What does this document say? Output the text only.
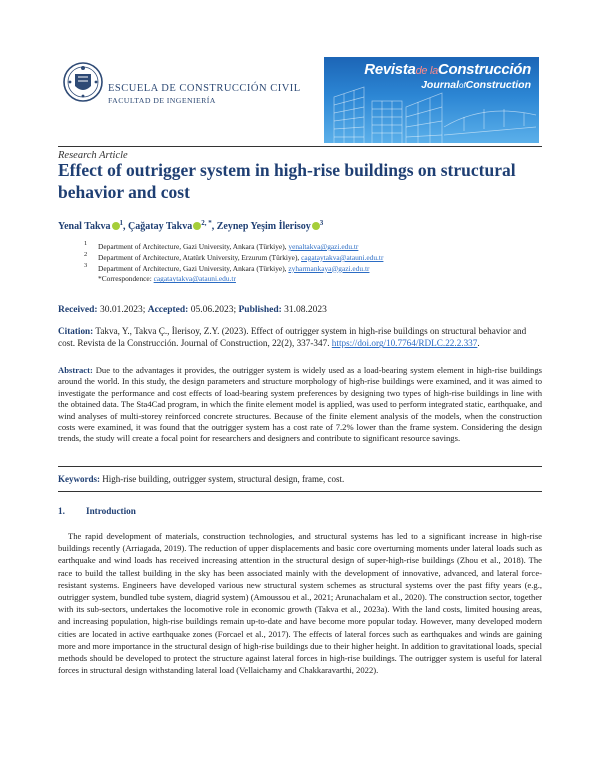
ESCUELA DE CONSTRUCCIÓN CIVIL
FACULTAD DE INGENIERÍA
Revistade laConstrucción
JournalofConstruction
Research Article
Effect of outrigger system in high-rise buildings on structural behavior and cost
Yenal Takva $^1$, Çağatay Takva $^{2, *}$, Zeynep Yeşim İlerisoy $^3$
1 Department of Architecture, Gazi University, Ankara (Türkiye), yenaltakva@gazi.edu.tr
2 Department of Architecture, Atatürk University, Erzurum (Türkiye), cagataytakva@atauni.edu.tr
3 Department of Architecture, Gazi University, Ankara (Türkiye), zyharmankaya@gazi.edu.tr
*Correspondence: cagataytakva@atauni.edu.tr
Received: 30.01.2023; Accepted: 05.06.2023; Published: 31.08.2023
Citation: Takva, Y., Takva Ç., İlerisoy, Z.Y. (2023). Effect of outrigger system in high-rise buildings on structural behavior and cost. Revista de la Construcción. Journal of Construction, 22(2), 337-347. https://doi.org/10.7764/RDLC.22.2.337.
Abstract: Due to the advantages it provides, the outrigger system is widely used as a load-bearing system element in high-rise buildings around the world. In this study, the design parameters and structure morphology of high-rise buildings were examined, and it was aimed to investigate the performance and cost effects of load-bearing system preferences by designing two types of high-rise buildings in line with the obtained data. The Sta4Cad program, in which the finite element model is applied, was used to perform integrated static, earthquake, and wind analyses of multi-storey reinforced concrete structures. Because of the finite element analysis of the models, when the construction costs were examined, it was found that the outrigger system has a cost rate of 7.2% lower than the frame system. Considering the design trends, the study will create a focal point for researchers and designers and contribute to significant resource savings.
Keywords: High-rise building, outrigger system, structural design, frame, cost.
1. Introduction
The rapid development of materials, construction technologies, and structural systems has led to a significant increase in high-rise buildings recently (Arriagada, 2019). The reduction of upper displacements and basic core overturning moments under lateral loads such as earthquake and wind loads has received increasing attention in the structural design of super-high-rise buildings (Zhou et al., 2018). The race to build the tallest building in the sky has been associated mainly with the development of innovative, advanced, and lateral force-resistant systems. Engineers have developed various new structural system schemes as structural systems over the past fifty years (e.g., outrigger system, bundled tube system, diagrid system) (Amoussou et al., 2021; Arunachalam et al., 2020). The construction sector, together with its sub-sectors, undertakes the locomotive role in economic growth (Takva et al., 2023a). With the land costs, limited housing areas, and increasing population, high-rise buildings remain up-to-date and have become more popular today. However, many developed modern cities are located in active earthquake zones (Forcael et al., 2017). The effects of lateral forces such as earthquakes and winds are gaining more and more importance in the structural design of high-rise buildings due to their higher height. In addition to gravitational loads, special methods should be developed to protect the structure against lateral forces in high-rise buildings. The outrigger system is useful for lateral forces in structural design withstanding lateral load (Vellaichamy and Chakkaravarthi, 2022).
